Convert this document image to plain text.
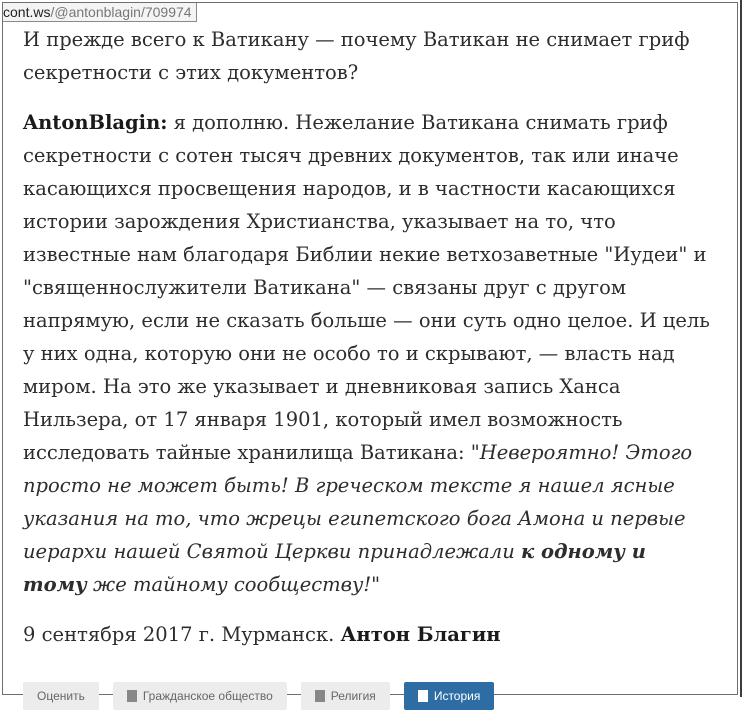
cont.ws/@antonblagin/709974

И прежде всего к Ватикану — почему Ватикан не снимает гриф секретности с этих документов?

AntonBlagin: я дополню. Нежелание Ватикана снимать гриф секретности с сотен тысяч древних документов, так или иначе касающихся просвещения народов, и в частности касающихся истории зарождения Христианства, указывает на то, что известные нам благодаря Библии некие ветхозаветные "Иудеи" и "священнослужители Ватикана" — связаны друг с другом напрямую, если не сказать больше — они суть одно целое. И цель у них одна, которую они не особо то и скрывают, — власть над миром. На это же указывает и дневниковая запись Ханса Нильзера, от 17 января 1901, который имел возможность исследовать тайные хранилища Ватикана: "Невероятно! Этого просто не может быть! В греческом тексте я нашел ясные указания на то, что жрецы египетского бога Амона и первые иерархи нашей Святой Церкви принадлежали к одному и тому же тайному сообществу!"

9 сентября 2017 г. Мурманск. Антон Благин

Оценить	Гражданское общество	Религия	История
